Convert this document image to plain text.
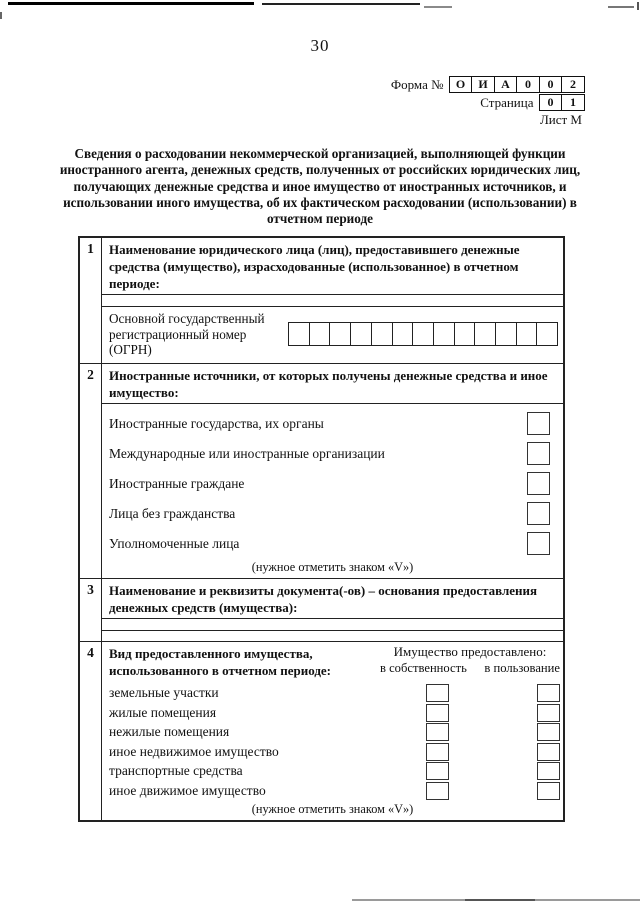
30
Форма №	О	И	А	0	0	2
Страница	0	1
Лист М
Сведения о расходовании некоммерческой организацией, выполняющей функции иностранного агента, денежных средств, полученных от российских юридических лиц, получающих денежные средства и иное имущество от иностранных источников, и использовании иного имущества, об их фактическом расходовании (использовании) в отчетном периоде
1	Наименование юридического лица (лиц), предоставившего денежные средства (имущество), израсходованные (использованное) в отчетном периоде:
Основной государственный регистрационный номер (ОГРН)
2	Иностранные источники, от которых получены денежные средства и иное имущество:
Иностранные государства, их органы
Международные или иностранные организации
Иностранные граждане
Лица без гражданства
Уполномоченные лица
(нужное отметить знаком «V»)
3	Наименование и реквизиты документа(-ов) – основания предоставления денежных средств (имущества):
4	Вид предоставленного имущества, использованного в отчетном периоде:
Имущество предоставлено:
в собственность в пользование
земельные участки
жилые помещения
нежилые помещения
иное недвижимое имущество
транспортные средства
иное движимое имущество
(нужное отметить знаком «V»)
